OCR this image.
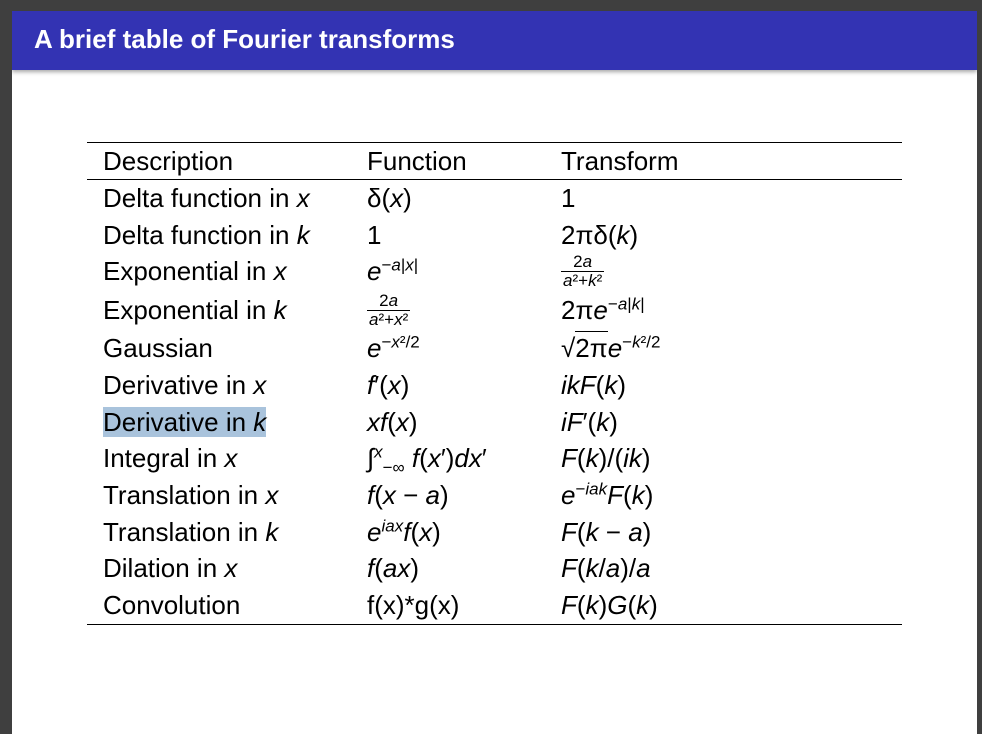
A brief table of Fourier transforms
Description	Function	Transform
Delta function in x	δ(x)	1
Delta function in k	1	2πδ(k)
Exponential in x	$e^{-a|x|}$	$\frac{2a}{\text{a²+k²}}$

Exponential in k	$\frac{2a}{\text{a²+x²}}$	$2\pi e^{-a|k|}$
Gaussian	$e^{-x^2/2}$	$√2\pi e^{-k^2/2}$
Derivative in x	f′(x)	ikF(k)
Derivative in k	xf(x)	iF′(k)
Integral in x	∫$^x_{-\infty}$ f(x′)dx′	F(k)/(ik)
Translation in x	f(x − a)	$e^{-iak}F(k)$
Translation in k	$e^{iax}f(x)$	F(k − a)
Dilation in x	f(ax)	F(k/a)/a
Convolution	f(x)*g(x)	F(k)G(k)
